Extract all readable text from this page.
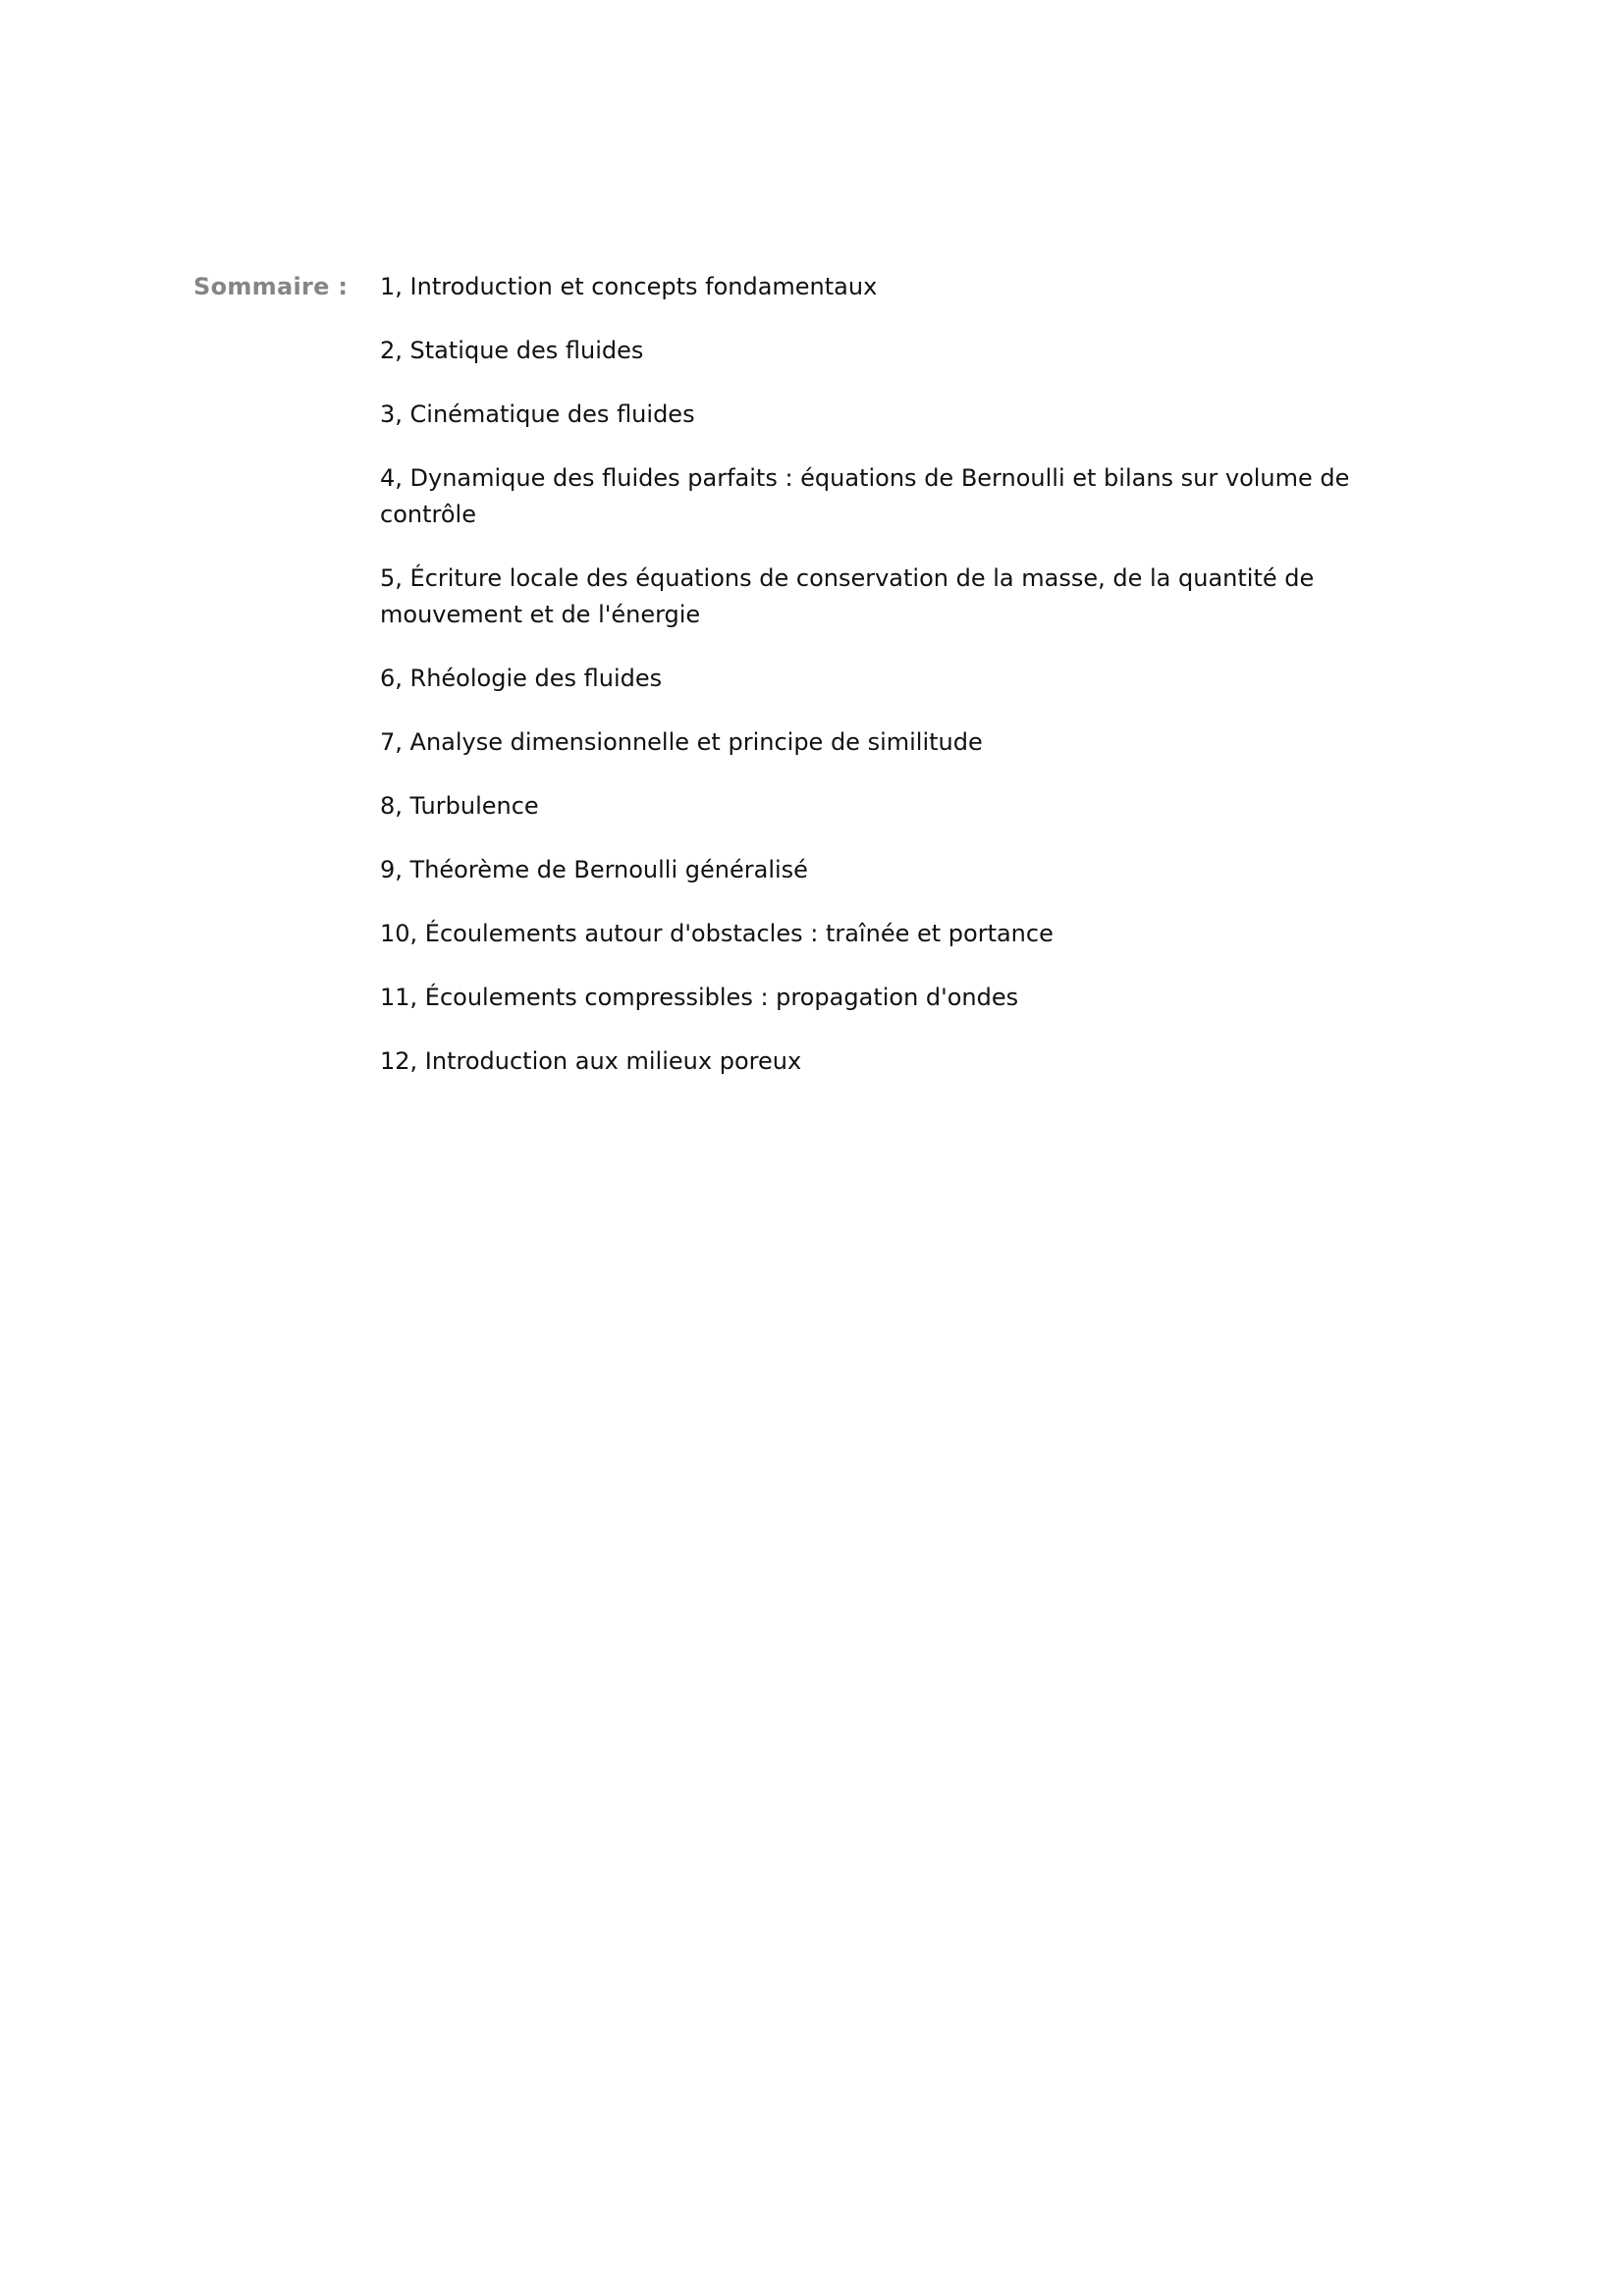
Sommaire :	1, Introduction et concepts fondamentaux
2, Statique des fluides
3, Cinématique des fluides
4, Dynamique des fluides parfaits : équations de Bernoulli et bilans sur volume de contrôle
5, Écriture locale des équations de conservation de la masse, de la quantité de mouvement et de l'énergie
6, Rhéologie des fluides
7, Analyse dimensionnelle et principe de similitude
8, Turbulence
9, Théorème de Bernoulli généralisé
10, Écoulements autour d'obstacles : traînée et portance
11, Écoulements compressibles : propagation d'ondes
12, Introduction aux milieux poreux
